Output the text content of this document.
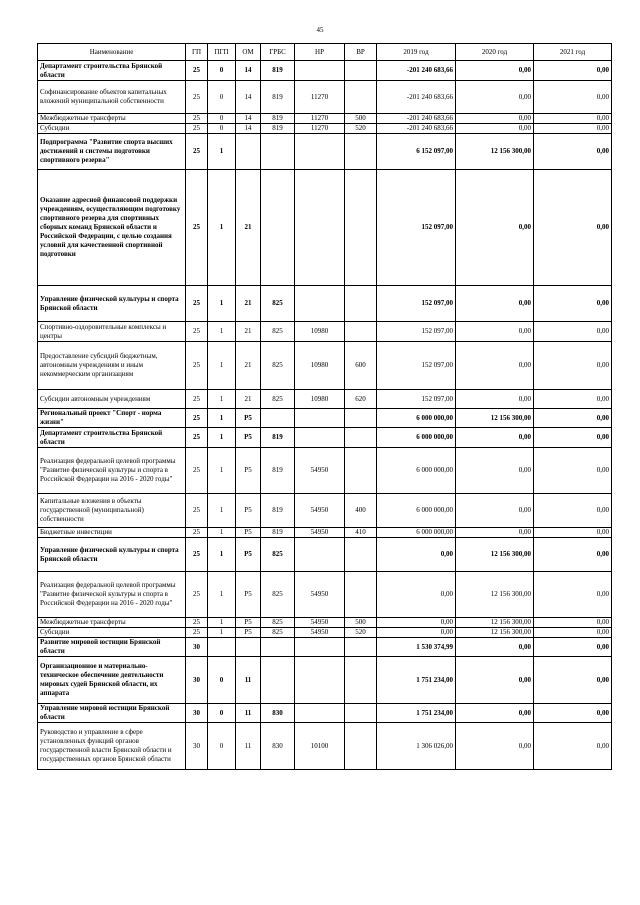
45
Наименование	ГП	ПГП	ОМ	ГРБС	НР	ВР	2019 год	2020 год	2021 год
Департамент строительства Брянской области	25	0	14	819			-201 240 683,66	0,00	0,00
Софинансирование объектов капитальных вложений муниципальной собственности	25	0	14	819	11270		-201 240 683,66	0,00	0,00
Межбюджетные трансферты	25	0	14	819	11270	500	-201 240 683,66	0,00	0,00
Субсидии	25	0	14	819	11270	520	-201 240 683,66	0,00	0,00
Подпрограмма "Развитие спорта высших достижений и системы подготовки спортивного резерва"	25	1					6 152 097,00	12 156 300,00	0,00
Оказание адресной финансовой поддержки учреждениям, осуществляющим подготовку спортивного резерва для спортивных сборных команд Брянской области и Российской Федерации, с целью создания условий для качественной спортивной подготовки	25	1	21				152 097,00	0,00	0,00
Управление физической культуры и спорта Брянской области	25	1	21	825			152 097,00	0,00	0,00
Спортивно-оздоровительные комплексы и центры	25	1	21	825	10980		152 097,00	0,00	0,00
Предоставление субсидий бюджетным, автономным учреждениям и иным некоммерческим организациям	25	1	21	825	10980	600	152 097,00	0,00	0,00
Субсидии автономным учреждениям	25	1	21	825	10980	620	152 097,00	0,00	0,00
Региональный проект "Спорт - норма жизни"	25	1	P5				6 000 000,00	12 156 300,00	0,00
Департамент строительства Брянской области	25	1	P5	819			6 000 000,00	0,00	0,00
Реализация федеральной целевой программы "Развитие физической культуры и спорта в Российской Федерации на 2016 - 2020 годы"	25	1	P5	819	54950		6 000 000,00	0,00	0,00
Капитальные вложения в объекты государственной (муниципальной) собственности	25	1	P5	819	54950	400	6 000 000,00	0,00	0,00
Бюджетные инвестиции	25	1	P5	819	54950	410	6 000 000,00	0,00	0,00
Управление физической культуры и спорта Брянской области	25	1	P5	825			0,00	12 156 300,00	0,00
Реализация федеральной целевой программы "Развитие физической культуры и спорта в Российской Федерации на 2016 - 2020 годы"	25	1	P5	825	54950		0,00	12 156 300,00	0,00
Межбюджетные трансферты	25	1	P5	825	54950	500	0,00	12 156 300,00	0,00
Субсидии	25	1	P5	825	54950	520	0,00	12 156 300,00	0,00
Развитие мировой юстиции Брянской области	30						1 530 374,99	0,00	0,00
Организационное и материально-техническое обеспечение деятельности мировых судей Брянской области, их аппарата	30	0	11				1 751 234,00	0,00	0,00
Управление мировой юстиции Брянской области	30	0	11	830			1 751 234,00	0,00	0,00
Руководство и управление в сфере установленных функций органов государственной власти Брянской области и государственных органов Брянской области	30	0	11	830	10100		1 306 026,00	0,00	0,00
